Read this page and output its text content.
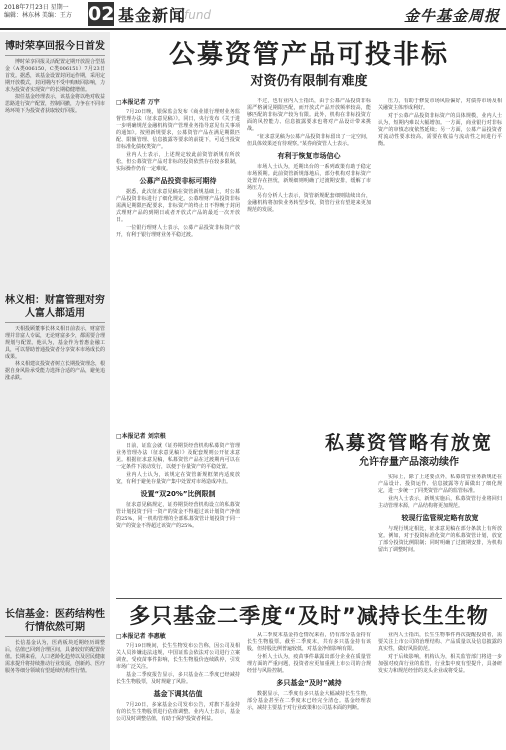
2018年7月23日 星期一
编辑：林东林 美编：王方 02 基金新闻
fund	金牛基金周报
博时荣享回报今日首发

博时荣享回报灵活配置定期开放混合型基金（A类006150，C类006151）7月23日首发。据悉，该基金设置封闭运作期，采用定期开放模式，封闭期内不受申购赎回影响，力求为投资者实现资产的长期稳健增值。

拟任基金经理表示，该基金将以绝对收益思路进行资产配置，控制回撤，力争在不同市场环境下为投资者获取较好回报。

林义相：财富管理对穷人富人都适用

天相投顾董事长林义相日前表示，财富管理并非富人专属，无论财富多少，都需要合理规划与配置。他认为，基金作为普惠金融工具，可以帮助普通投资者分享资本市场成长的成果。

林义相建议投资者树立长期投资理念，根据自身风险承受能力选择合适的产品，避免追涨杀跌。

长信基金：医药结构性行情依然可期

长信基金认为，医药板块近期经历调整后，估值已回到合理区间，具备较好的配置价值。长期来看，人口老龄化趋势以及居民健康需求提升将持续推动行业发展，创新药、医疗服务等细分领域有望延续结构性行情。

公募资管产品可投非标
对资仍有限制有难度
□本报记者 万宇

7月20日晚，银保监会发布《商业银行理财业务监督管理办法（征求意见稿）》。同日，央行发布《关于进一步明确规范金融机构资产管理业务指导意见有关事项的通知》。按照新规要求，公募资管产品在满足期限匹配、限额管理、信息披露等要求的前提下，可适当投资非标准化债权类资产。

业内人士表示，上述规定较此前资管新规有所放松，但公募资管产品对非标的投资依然存在较多限制，实际操作仍有一定难度。

公募产品投资非标可期待

据悉，此次征求意见稿在资管新规基础上，对公募产品投资非标进行了细化规定。公募理财产品投资非标需满足期限匹配要求，非标资产的终止日不得晚于封闭式理财产品的到期日或者开放式产品的最近一次开放日。

一位银行理财人士表示，公募产品投资非标资产放开，有利于银行理财业务平稳过渡。

不过，也有业内人士指出，由于公募产品投资非标需严格满足期限匹配，而开放式产品开放频率较高，能够匹配的非标资产较为有限。此外，机构在非标投资方面的风控能力、信息披露要求也将对产品设计带来挑战。

“征求意见稿为公募产品投资非标留出了一定空间，但具体效果还有待观察。”某券商资管人士表示。

有利于恢复市场信心

市场人士认为，近期出台的一系列政策有助于稳定市场预期。此前资管新规落地后，部分机构对非标资产处置存在担忧，新规细则明确了过渡期安排，缓解了市场压力。

另有分析人士表示，资管新规配套细则陆续出台，金融机构将加快业务转型步伐，资管行业有望迎来更加规范的发展。

压力，有助于修复市场风险偏好，对债券市场及相关融资主体形成利好。

对于公募产品投资非标资产的具体规模，业内人士认为，短期内难以大幅增加。一方面，商业银行对非标资产的审慎态度依然延续；另一方面，公募产品投资者对流动性要求较高，需要在收益与流动性之间进行平衡。

私募资管略有放宽
允许存量产品滚动续作
□本报记者 刘宗根

日前，证监会就《证券期货经营机构私募资产管理业务管理办法（征求意见稿）》及配套规则公开征求意见。根据征求意见稿，私募资管产品在过渡期内可以在一定条件下滚动发行，以便于存量资产的平稳处置。

业内人士认为，该规定在资管新规框架内适度放宽，有利于避免存量资产集中处置对市场造成冲击。

设置“双20%”比例限制

征求意见稿规定，证券期货经营机构设立的私募资管计划投资于同一资产的资金不得超过该计划资产净值的25%，同一机构管理的全部私募资管计划投资于同一资产的资金不得超过该资产的25%。

实际上，除了上述要点外，私募资管业务新规还在产品设计、投资运作、信息披露等方面做出了细化规定，进一步统一了同类资管产品的监管标准。

业内人士表示，新规实施后，私募资管行业将回归主动管理本源，产品结构将更加规范。

较现行监管规定略有放宽

与现行规定相比，征求意见稿在部分条款上有所放宽。例如，对于投资标准化资产的私募资管计划，放宽了部分投资比例限制；同时明确了过渡期安排，为机构留出了调整时间。

多只基金二季度“及时”减持长生生物
□本报记者 李惠敏

7月19日晚间，长生生物发布公告称，因公司及相关人员涉嫌违法违规，中国证监会依法对公司进行立案调查。受疫苗事件影响，长生生物股价连续跌停，引发市场广泛关注。

基金二季度报告显示，多只基金在二季度已经减持长生生物股票，及时规避了风险。

基金下调其估值

7月20日，多家基金公司发布公告，对旗下基金持有的长生生物股票进行估值调整。业内人士表示，基金公司及时调整估值，有助于保护投资者利益。

从二季度末基金持仓情况来看，仍有部分基金持有长生生物股票。截至二季度末，共有多只基金持有该股，但持股比例普遍较低，对基金净值影响有限。

分析人士认为，疫苗事件暴露出部分企业在质量管理方面的严重问题，投资者应更加重视上市公司的合规经营与风险控制。

多只基金“及时”减持

数据显示，二季度有多只基金大幅减持长生生物，部分基金甚至在二季度末已经完全清仓。基金经理表示，减持主要基于对行业政策和公司基本面的判断。

业内人士指出，长生生物事件再次提醒投资者，需要关注上市公司的治理结构、产品质量以及信息披露的真实性，做好风险防范。

对于后续影响，机构认为，相关监管部门将进一步加强对疫苗行业的监管，行业集中度有望提升，具备研发实力和规范经营的龙头企业或将受益。
